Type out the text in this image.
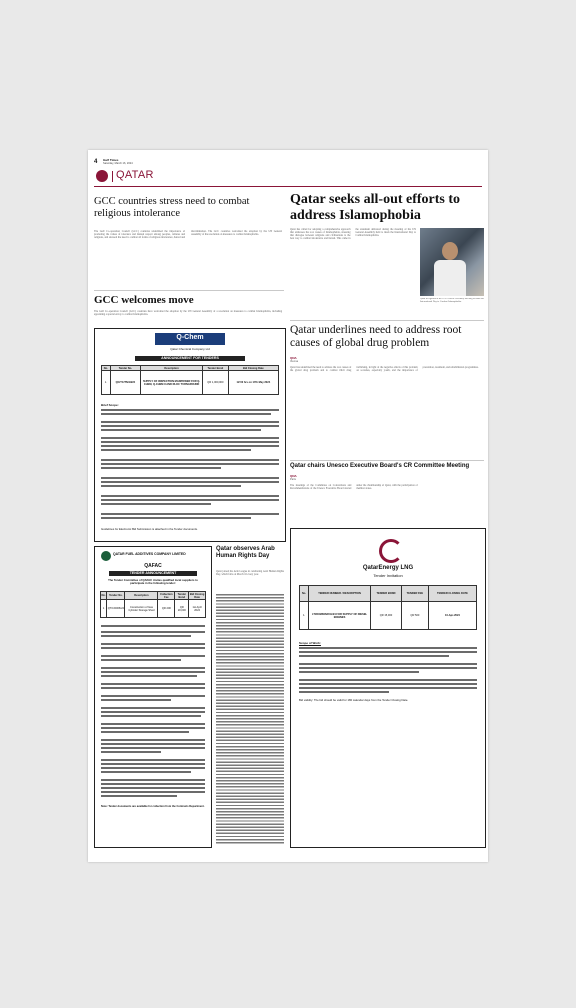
4 Gulf Times
Saturday, March 16, 2024
QATAR
GCC countries stress need to combat religious intolerance
The Gulf Co-operation Council (GCC) countries underlined the importance of promoting the values of tolerance and mutual respect among peoples, cultures and religions, and stressed the need to combat all forms of religious intolerance, hatred and discrimination. The GCC countries welcomed the adoption by the UN General Assembly of the resolution on measures to combat Islamophobia.
GCC welcomes move
The Gulf Co-operation Council (GCC) countries have welcomed the adoption by the UN General Assembly of a resolution on measures to combat Islamophobia, including appointing a special envoy to combat Islamophobia.
Qatar seeks all-out efforts to address Islamophobia
Qatar has called for adopting a comprehensive approach that addresses the root causes of Islamophobia, stressing that dialogue between religions and civilisations is the best way to combat intolerance and hatred. This came in the statement delivered during the meeting of the UN General Assembly held to mark the International Day to Combat Islamophobia.
Qatar delegation at the UN General Assembly meeting to mark the International Day to Combat Islamophobia.
Qatar underlines need to address root causes of global drug problem
QNA
Vienna
Qatar has underlined the need to address the root causes of the global drug problem and to combat illicit drug trafficking, in light of the negative effects of this problem on societies, especially youth, and the importance of prevention, treatment, and rehabilitation programmes.
Qatar chairs Unesco Executive Board's CR Committee Meeting
QNA
Paris
The meetings of the Committee on Conventions and Recommendations of the Unesco Executive Board started under the chairmanship of Qatar, with the participation of member states.
Q-Chem
Qatar Chemical Company Ltd
ANNOUNCEMENT FOR TENDERS
No.	Tender No.	Description	Tender Bond	Bid Closing Date
1.	QC/TC/TN/19/24	SUPPLY OF INSPECTION MANPOWER FOR Q-CHEM, Q-CHEM II AND RLOC TURNAROUND	QR 1,000,000	12:00 hrs on 17th May 2024
Brief Scope:
Guidelines for Electronic Bid Submission is attached in the Tender documents.
QATAR FUEL ADDITIVES COMPANY LIMITED
QAFAC
TENDER ANNOUNCEMENT
The Tender Committee of QAFAC invites qualified local suppliers to participate in the following tender:
No.	Tender No.	Description	Collection Fee	Tender Bond	Bid Closing Date
1	QT/C/0006/24	Construction of Gas Cylinder Storage Shed	QR 200	QR 20,000	1st April 2024
Note: Tender documents are available for collection from the Contracts Department.
Qatar observes Arab Human Rights Day
Qatar joined the Arab League in celebrating Arab Human Rights Day, which falls on March 16 every year.
QatarEnergy LNG
Tender Invitation
No.	TENDER NUMBER / DESCRIPTION	TENDER BOND	TENDER FEE	TENDER CLOSING DATE
1.	LT/DOM/MARCH/24 FOR SUPPLY OF DIESEL ENGINES	QR 15,000	QR 500	10-Apr-2024
Scope of Work:
Bid validity: The bid should be valid for 180 calendar days from the Tender Closing Date.
